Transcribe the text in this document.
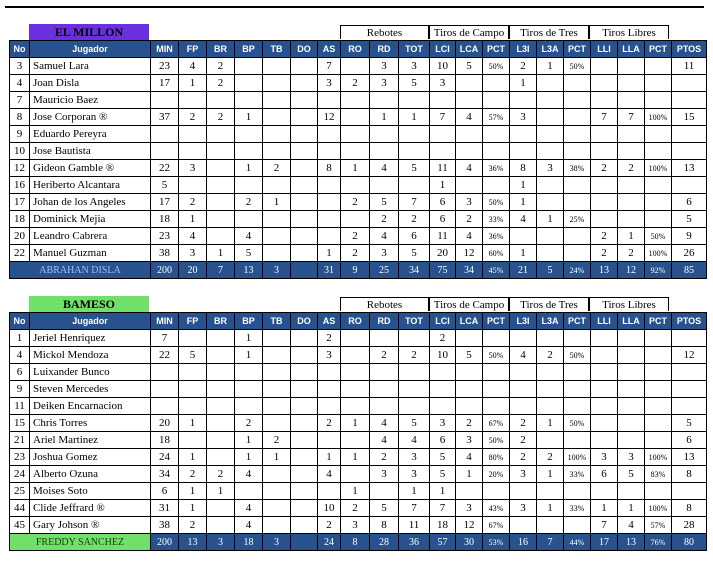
EL MILLON	Rebotes	Tiros de Campo	Tiros de Tres	Tiros Libres
No	Jugador	MIN	FP	BR	BP	TB	DO	AS	RO	RD	TOT	LCI	LCA	PCT	L3I	L3A	PCT	LLI	LLA	PCT	PTOS
3	Samuel Lara	23	4	2				7		3	3	10	5	50%	2	1	50%				11
4	Joan Disla	17	1	2				3	2	3	5	3			1						
7	Mauricio Baez																				
8	Jose Corporan ®	37	2	2	1			12		1	1	7	4	57%	3			7	7	100%	15
9	Eduardo Pereyra																				
10	Jose Bautista																				
12	Gideon Gamble ®	22	3		1	2		8	1	4	5	11	4	36%	8	3	38%	2	2	100%	13
16	Heriberto Alcantara	5										1			1						
17	Johan de los Angeles	17	2		2	1			2	5	7	6	3	50%	1						6
18	Dominick Mejia	18	1							2	2	6	2	33%	4	1	25%				5
20	Leandro Cabrera	23	4		4				2	4	6	11	4	36%				2	1	50%	9
22	Manuel Guzman	38	3	1	5			1	2	3	5	20	12	60%	1			2	2	100%	26
ABRAHAN DISLA		200	20	7	13	3		31	9	25	34	75	34	45%	21	5	24%	13	12	92%	85
BAMESO	Rebotes	Tiros de Campo	Tiros de Tres	Tiros Libres
No	Jugador	MIN	FP	BR	BP	TB	DO	AS	RO	RD	TOT	LCI	LCA	PCT	L3I	L3A	PCT	LLI	LLA	PCT	PTOS
1	Jeriel Henriquez	7			1			2				2									
4	Mickol Mendoza	22	5		1			3		2	2	10	5	50%	4	2	50%				12
6	Luixander Bunco																				
9	Steven Mercedes																				
11	Deiken Encarnacion																				
15	Chris Torres	20	1		2			2	1	4	5	3	2	67%	2	1	50%				5
21	Ariel Martinez	18			1	2				4	4	6	3	50%	2						6
23	Joshua Gomez	24	1		1	1		1	1	2	3	5	4	80%	2	2	100%	3	3	100%	13
24	Alberto Ozuna	34	2	2	4			4		3	3	5	1	20%	3	1	33%	6	5	83%	8
25	Moises Soto	6	1	1					1		1	1									
44	Clide Jeffrard ®	31	1		4			10	2	5	7	7	3	43%	3	1	33%	1	1	100%	8
45	Gary Johson ®	38	2		4			2	3	8	11	18	12	67%				7	4	57%	28
FREDDY SANCHEZ		200	13	3	18	3		24	8	28	36	57	30	53%	16	7	44%	17	13	76%	80
